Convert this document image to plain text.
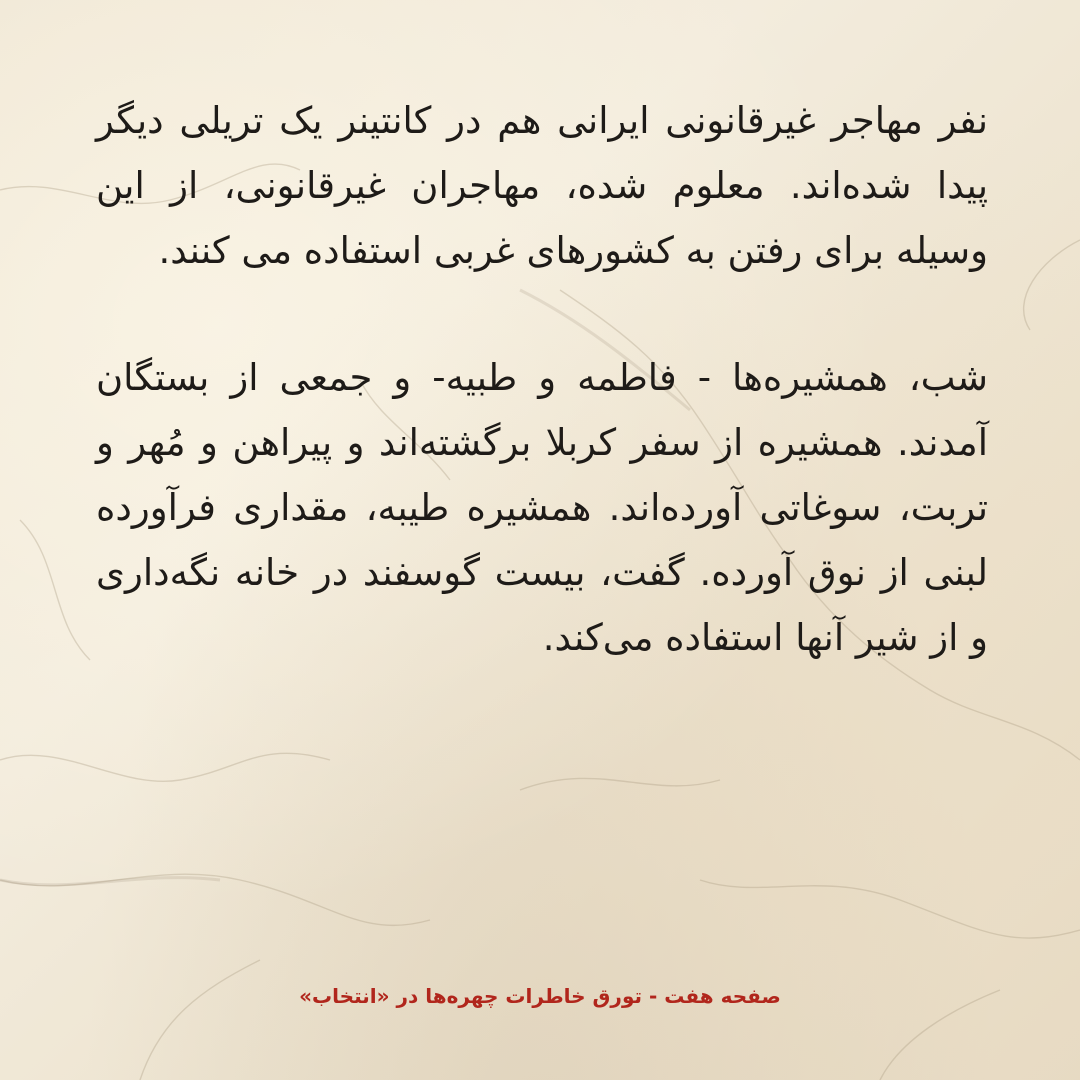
نفر مهاجر غیرقانونی ایرانی هم در کانتینر یک تریلی دیگر پیدا شده‌اند. معلوم شده، مهاجران غیرقانونی، از این وسیله برای رفتن به کشورهای غربی استفاده می کنند.

شب، همشیره‌ها - فاطمه و طبیه- و جمعی از بستگان آمدند. همشیره از سفر کربلا برگشته‌اند و پیراهن و مُهر و تربت، سوغاتی آورده‌اند. همشیره طیبه، مقداری فرآورده لبنی از نوق آورده. گفت، بیست گوسفند در خانه نگه‌داری و از شیر آنها استفاده می‌کند.

صفحه هفت - تورق خاطرات چهره‌ها در «انتخاب»
